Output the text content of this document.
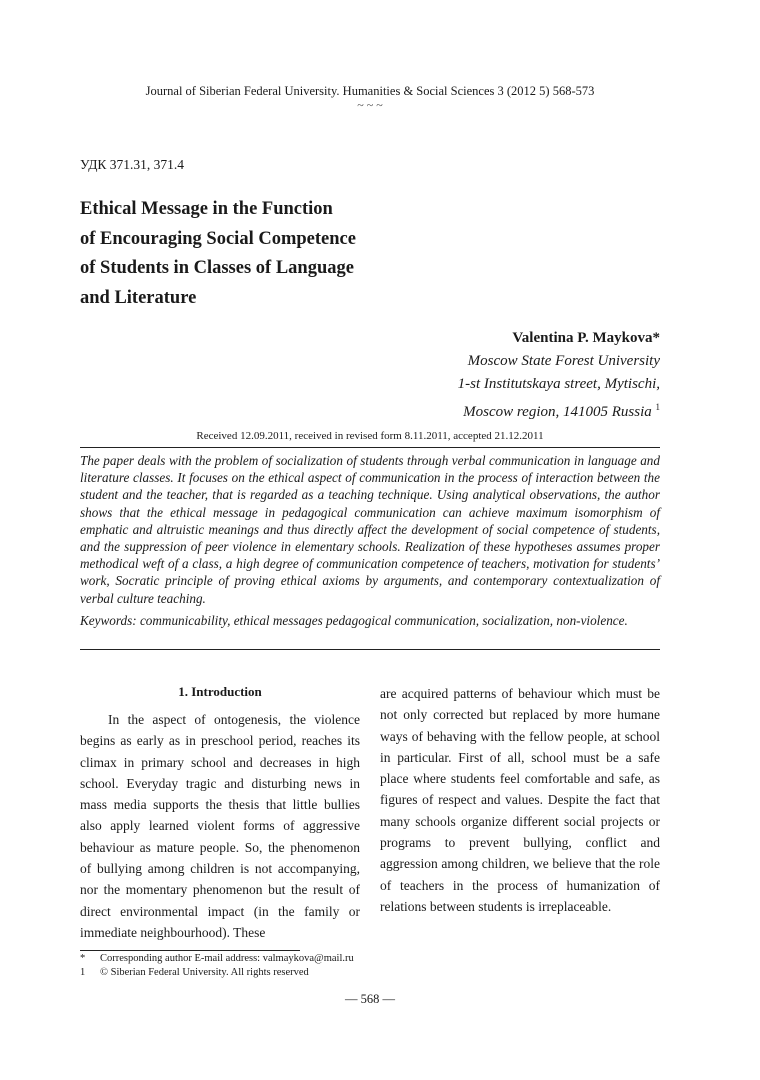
Journal of Siberian Federal University. Humanities & Social Sciences 3 (2012 5) 568-573
~ ~ ~
УДК 371.31, 371.4
Ethical Message in the Function
of Encouraging Social Competence
of Students in Classes of Language
and Literature
Valentina P. Maykova*
Moscow State Forest University
1-st Institutskaya street, Mytischi,
Moscow region, 141005 Russia $^1$
Received 12.09.2011, received in revised form 8.11.2011, accepted 21.12.2011

The paper deals with the problem of socialization of students through verbal communication in language and literature classes. It focuses on the ethical aspect of communication in the process of interaction between the student and the teacher, that is regarded as a teaching technique. Using analytical observations, the author shows that the ethical message in pedagogical communication can achieve maximum isomorphism of emphatic and altruistic meanings and thus directly affect the development of social competence of students, and the suppression of peer violence in elementary schools. Realization of these hypotheses assumes proper methodical weft of a class, a high degree of communication competence of teachers, motivation for students’ work, Socratic principle of proving ethical axioms by arguments, and contemporary contextualization of verbal culture teaching.

Keywords: communicability, ethical messages pedagogical communication, socialization, non-violence.

1. Introduction

In the aspect of ontogenesis, the violence begins as early as in preschool period, reaches its climax in primary school and decreases in high school. Everyday tragic and disturbing news in mass media supports the thesis that little bullies also apply learned violent forms of aggressive behaviour as mature people. So, the phenomenon of bullying among children is not accompanying, nor the momentary phenomenon but the result of direct environmental impact (in the family or immediate neighbourhood). These

are acquired patterns of behaviour which must be not only corrected but replaced by more humane ways of behaving with the fellow people, at school in particular. First of all, school must be a safe place where students feel comfortable and safe, as figures of respect and values. Despite the fact that many schools organize different social projects or programs to prevent bullying, conflict and aggression among children, we believe that the role of teachers in the process of humanization of relations between students is irreplaceable.

*	Corresponding author E-mail address: valmaykova@mail.ru
1	© Siberian Federal University. All rights reserved
— 568 —
